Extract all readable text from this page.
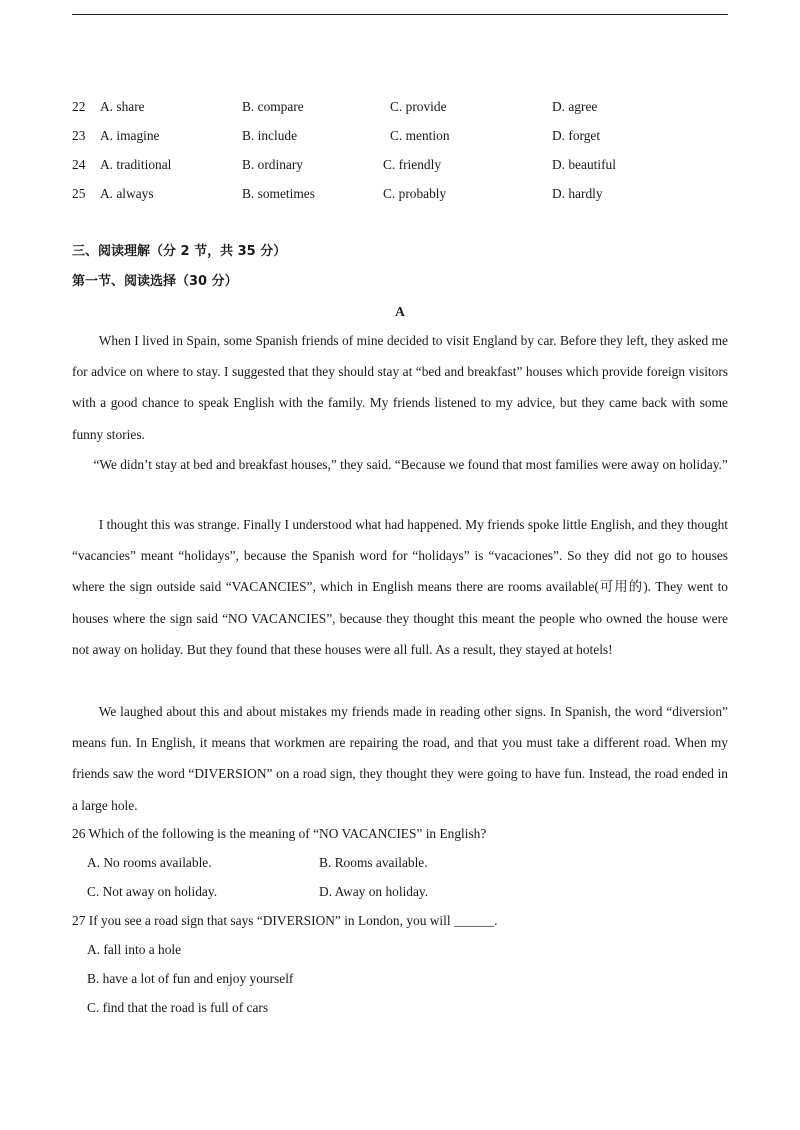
22 A. share	B. compare	C. provide	D. agree
23 A. imagine	B. include	C. mention	D. forget
24 A. traditional	B. ordinary	C. friendly	D. beautiful
25 A. always	B. sometimes	C. probably	D. hardly
三、阅读理解（分 2 节，共 35 分）
第一节、阅读选择（30 分）
A

When I lived in Spain, some Spanish friends of mine decided to visit England by car. Before they left, they asked me for advice on where to stay. I suggested that they should stay at “bed and breakfast” houses which provide foreign visitors with a good chance to speak English with the family. My friends listened to my advice, but they came back with some funny stories.

“We didn’t stay at bed and breakfast houses,” they said. “Because we found that most families were away on holiday.”

I thought this was strange. Finally I understood what had happened. My friends spoke little English, and they thought “vacancies” meant “holidays”, because the Spanish word for “holidays” is “vacaciones”. So they did not go to houses where the sign outside said “VACANCIES”, which in English means there are rooms available(可用的). They went to houses where the sign said “NO VACANCIES”, because they thought this meant the people who owned the house were not away on holiday. But they found that these houses were all full. As a result, they stayed at hotels!

We laughed about this and about mistakes my friends made in reading other signs. In Spanish, the word “diversion” means fun. In English, it means that workmen are repairing the road, and that you must take a different road. When my friends saw the word “DIVERSION” on a road sign, they thought they were going to have fun. Instead, the road ended in a large hole.

26 Which of the following is the meaning of “NO VACANCIES” in English?
A. No rooms available.	B. Rooms available.
C. Not away on holiday.	D. Away on holiday.
27 If you see a road sign that says “DIVERSION” in London, you will ______.
A. fall into a hole
B. have a lot of fun and enjoy yourself
C. find that the road is full of cars
